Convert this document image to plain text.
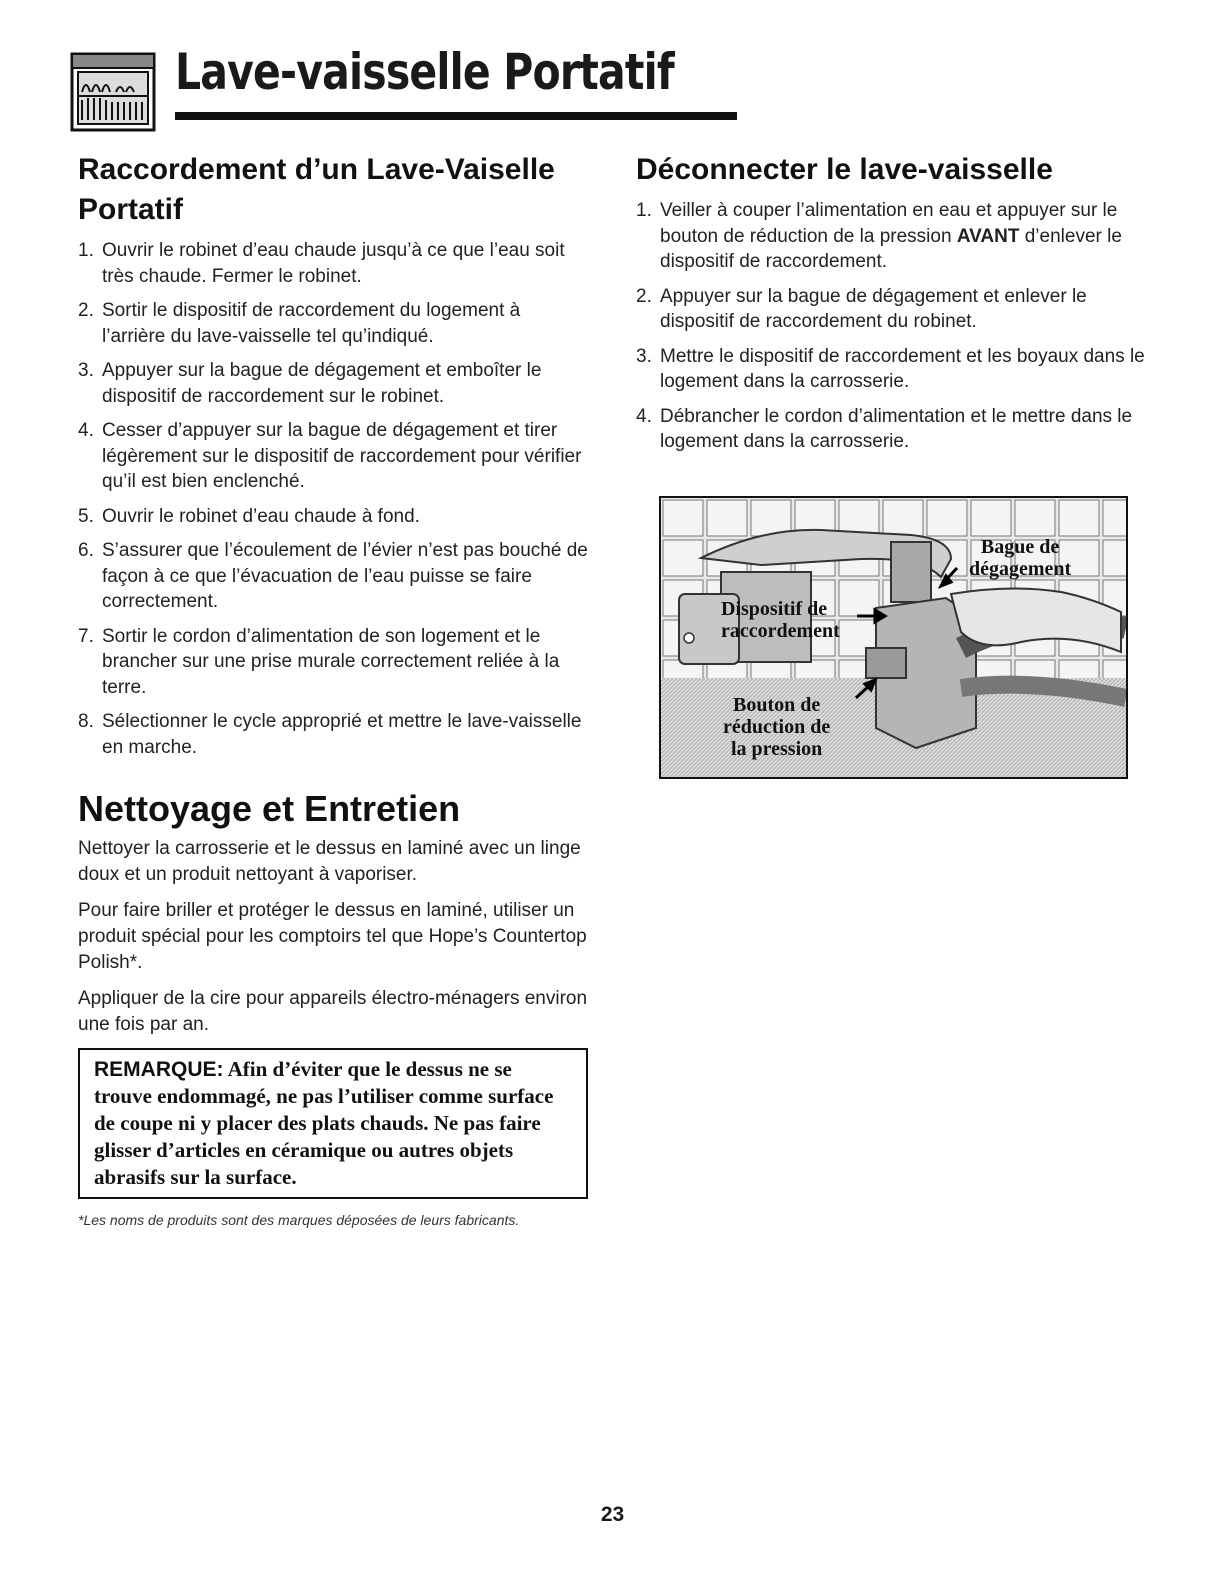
Lave-vaisselle Portatif
Raccordement d’un Lave-Vaiselle
Portatif
1. Ouvrir le robinet d’eau chaude jusqu’à ce que l’eau soit très chaude. Fermer le robinet.
2. Sortir le dispositif de raccordement du logement à l’arrière du lave-vaisselle tel qu’indiqué.
3. Appuyer sur la bague de dégagement et emboîter le dispositif de raccordement sur le robinet.
4. Cesser d’appuyer sur la bague de dégagement et tirer légèrement sur le dispositif de raccordement pour vérifier qu’il est bien enclenché.
5. Ouvrir le robinet d’eau chaude à fond.
6. S’assurer que l’écoulement de l’évier n’est pas bouché de façon à ce que l’évacuation de l’eau puisse se faire correctement.
7. Sortir le cordon d’alimentation de son logement et le brancher sur une prise murale correctement reliée à la terre.
8. Sélectionner le cycle approprié et mettre le lave-vaisselle en marche.
Nettoyage et Entretien

Nettoyer la carrosserie et le dessus en laminé avec un linge doux et un produit nettoyant à vaporiser.

Pour faire briller et protéger le dessus en laminé, utiliser un produit spécial pour les comptoirs tel que Hope’s Countertop Polish*.

Appliquer de la cire pour appareils électro-ménagers environ une fois par an.

REMARQUE: Afin d’éviter que le dessus ne se trouve endommagé, ne pas l’utiliser comme surface de coupe ni y placer des plats chauds. Ne pas faire glisser d’articles en céramique ou autres objets abrasifs sur la surface.
*Les noms de produits sont des marques déposées de leurs fabricants.
Déconnecter le lave-vaisselle
1. Veiller à couper l’alimentation en eau et appuyer sur le bouton de réduction de la pression AVANT d’enlever le dispositif de raccordement.
2. Appuyer sur la bague de dégagement et enlever le dispositif de raccordement du robinet.
3. Mettre le dispositif de raccordement et les boyaux dans le logement dans la carrosserie.
4. Débrancher le cordon d’alimentation et le mettre dans le logement dans la carrosserie.
Bague de
dégagement
Dispositif de
raccordement
Bouton de
réduction de
la pression
23
